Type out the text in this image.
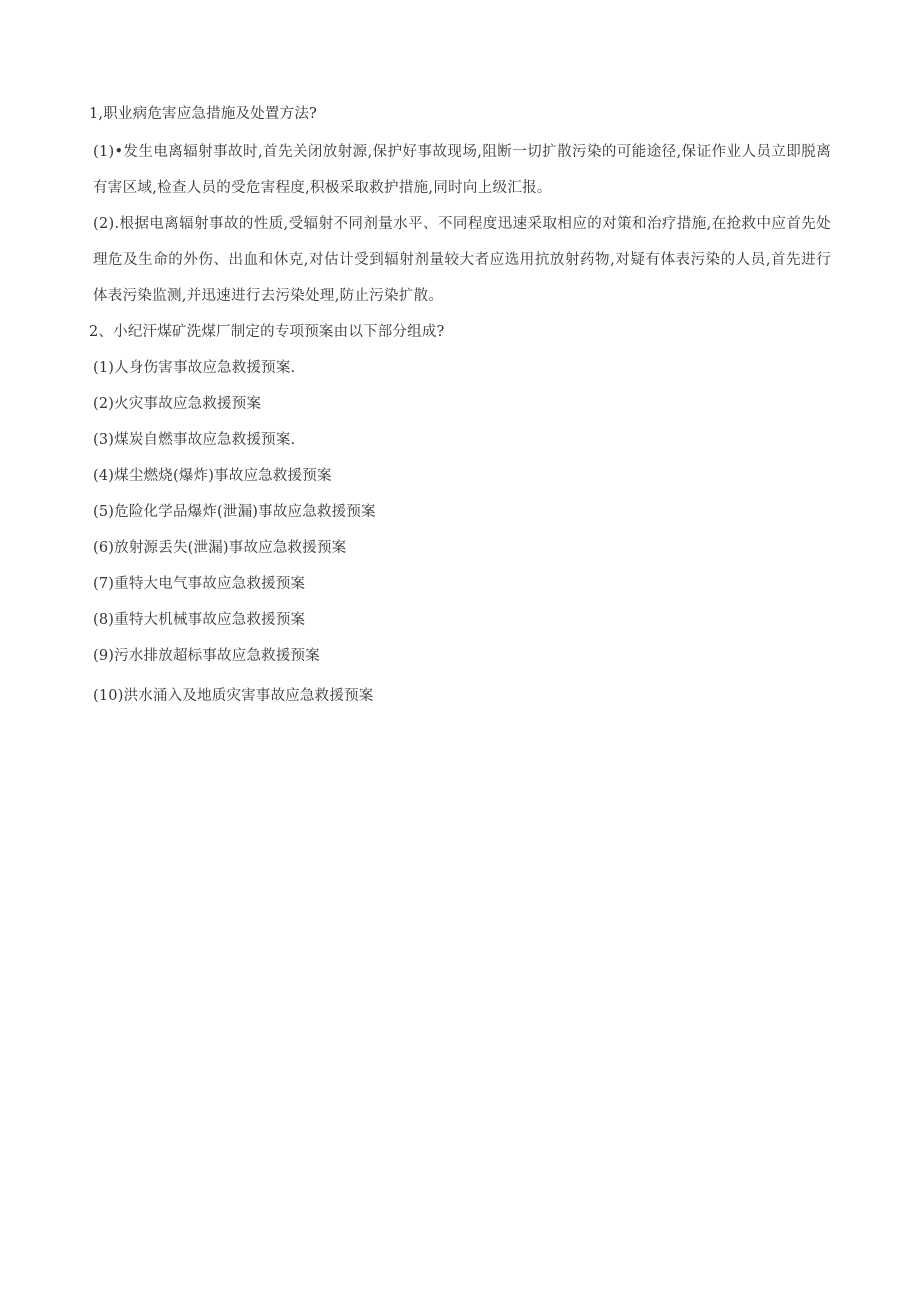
1,职业病危害应急措施及处置方法?
(1)•发生电离辐射事故时,首先关闭放射源,保护好事故现场,阻断一切扩散污染的可能途径,保证作业人员立即脱离有害区域,检查人员的受危害程度,积极采取救护措施,同时向上级汇报。
(2).根据电离辐射事故的性质,受辐射不同剂量水平、不同程度迅速采取相应的对策和治疗措施,在抢救中应首先处理危及生命的外伤、出血和休克,对估计受到辐射剂量较大者应选用抗放射药物,对疑有体表污染的人员,首先进行体表污染监测,并迅速进行去污染处理,防止污染扩散。
2、小纪汗煤矿洗煤厂制定的专项预案由以下部分组成?
(1)人身伤害事故应急救援预案.
(2)火灾事故应急救援预案
(3)煤炭自燃事故应急救援预案.
(4)煤尘燃烧(爆炸)事故应急救援预案
(5)危险化学品爆炸(泄漏)事故应急救援预案
(6)放射源丢失(泄漏)事故应急救援预案
(7)重特大电气事故应急救援预案
(8)重特大机械事故应急救援预案
(9)污水排放超标事故应急救援预案
(10)洪水涌入及地质灾害事故应急救援预案
